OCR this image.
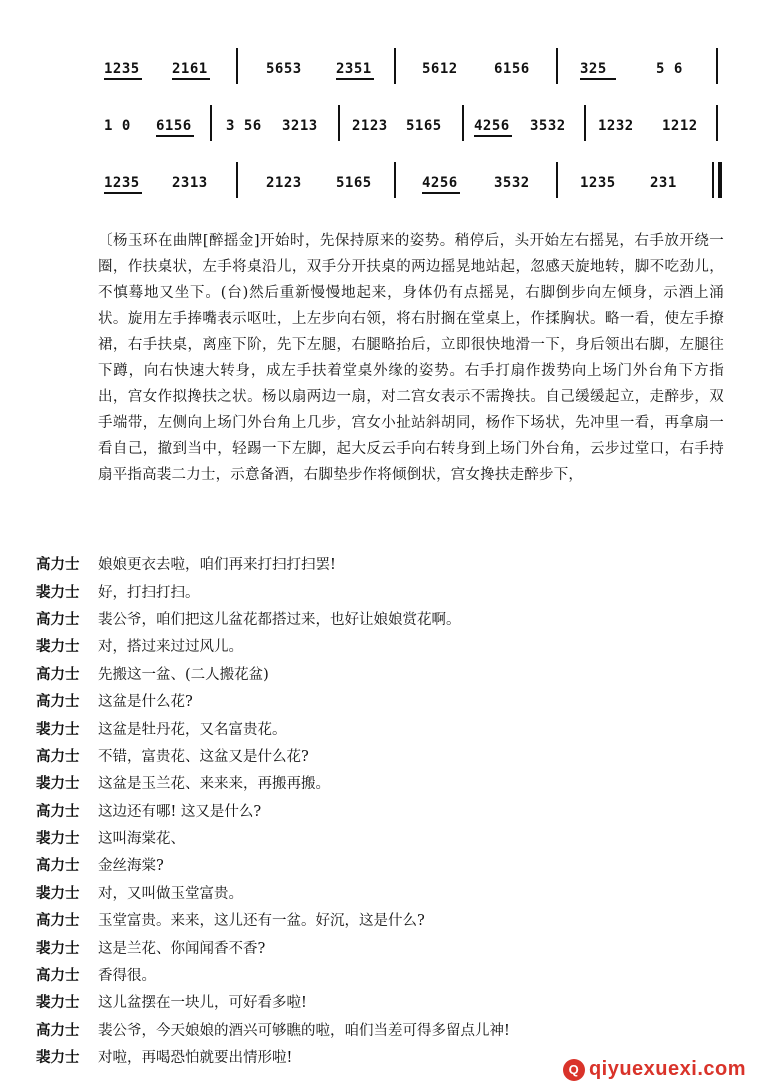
1235 2161	5653 2351	5612	6156	325	5 6
1 0 6156 3 56 3213 2123 5165 4256 3532 1232 1212
1235 2313	2123 5165	4256	3532	1235 231
〔杨玉环在曲牌[醉摇金]开始时，先保持原来的姿势。稍停后，头开始左右摇晃，右手放开绕一圈，作扶桌状，左手将桌沿儿，双手分开扶桌的两边摇晃地站起，忽感天旋地转，脚不吃劲儿，不慎蓦地又坐下。(台)然后重新慢慢地起来，身体仍有点摇晃，右脚倒步向左倾身，示酒上涌状。旋用左手捧嘴表示呕吐，上左步向右领，将右肘搁在堂桌上，作揉胸状。略一看，使左手撩裙，右手扶桌，离座下阶，先下左腿，右腿略抬后，立即很快地滑一下，身后领出右脚，左腿往下蹲，向右快速大转身，成左手扶着堂桌外缘的姿势。右手打扇作拨势向上场门外台角下方指出，宫女作拟搀扶之状。杨以扇两边一扇，对二宫女表示不需搀扶。自己缓缓起立，走醉步，双手端带，左侧向上场门外台角上几步，宫女小扯站斜胡同，杨作下场状，先冲里一看，再拿扇一看自己，撤到当中，轻踢一下左脚，起大反云手向右转身到上场门外台角，云步过堂口，右手持扇平指高裴二力士，示意备酒，右脚垫步作将倾倒状，宫女搀扶走醉步下，
高力士	娘娘更衣去啦，咱们再来打扫打扫罢!
裴力士	好，打扫打扫。
高力士	裴公爷，咱们把这儿盆花都搭过来，也好让娘娘赏花啊。
裴力士	对，搭过来过过风儿。
高力士	先搬这一盆、(二人搬花盆)
高力士	这盆是什么花?
裴力士	这盆是牡丹花，又名富贵花。
高力士	不错，富贵花、这盆又是什么花?
裴力士	这盆是玉兰花、来来来，再搬再搬。
高力士	这边还有哪! 这又是什么?
裴力士	这叫海棠花、
高力士	金丝海棠?
裴力士	对，又叫做玉堂富贵。
高力士	玉堂富贵。来来，这儿还有一盆。好沉，这是什么?
裴力士	这是兰花、你闻闻香不香?
高力士	香得很。
裴力士	这儿盆摆在一块儿，可好看多啦!
高力士	裴公爷，今天娘娘的酒兴可够瞧的啦，咱们当差可得多留点儿神!
裴力士	对啦，再喝恐怕就要出情形啦!
Q qiyuexuexi.com
